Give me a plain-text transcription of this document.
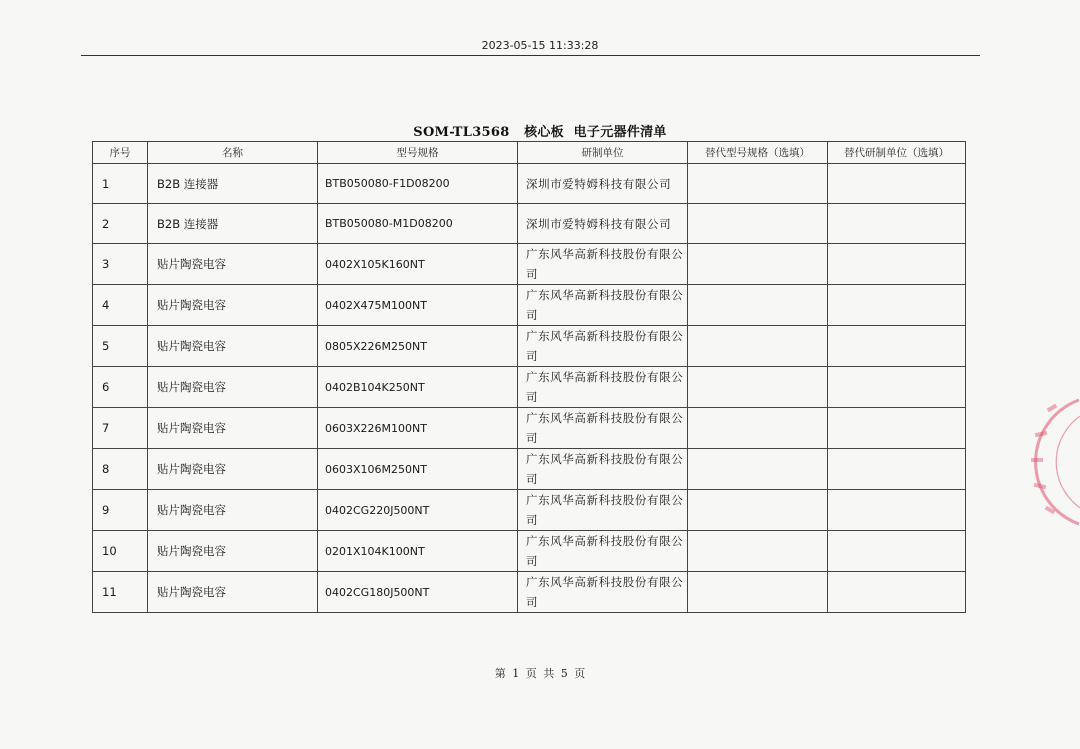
2023-05-15 11:33:28
SOM-TL3568   核心板  电子元器件清单
序号	名称	型号规格	研制单位	替代型号规格（选填）	替代研制单位（选填）
1	B2B 连接器	BTB050080-F1D08200	深圳市爱特姆科技有限公司		
2	B2B 连接器	BTB050080-M1D08200	深圳市爱特姆科技有限公司		
3	贴片陶瓷电容	0402X105K160NT	广东风华高新科技股份有限公司		
4	贴片陶瓷电容	0402X475M100NT	广东风华高新科技股份有限公司		
5	贴片陶瓷电容	0805X226M250NT	广东风华高新科技股份有限公司		
6	贴片陶瓷电容	0402B104K250NT	广东风华高新科技股份有限公司		
7	贴片陶瓷电容	0603X226M100NT	广东风华高新科技股份有限公司		
8	贴片陶瓷电容	0603X106M250NT	广东风华高新科技股份有限公司		
9	贴片陶瓷电容	0402CG220J500NT	广东风华高新科技股份有限公司		
10	贴片陶瓷电容	0201X104K100NT	广东风华高新科技股份有限公司		
11	贴片陶瓷电容	0402CG180J500NT	广东风华高新科技股份有限公司		
第 1 页 共 5 页
